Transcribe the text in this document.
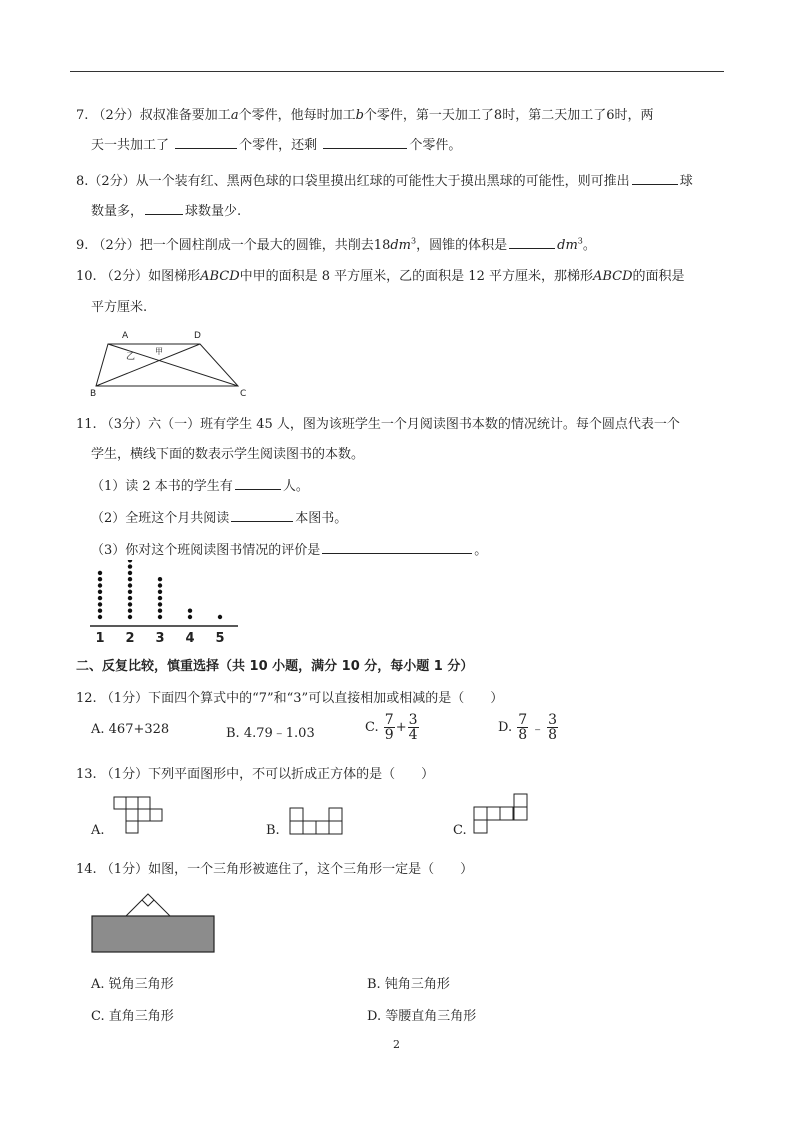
7. （2分）叔叔准备要加工a个零件，他每时加工b个零件，第一天加工了8时，第二天加工了6时，两
天一共加工了	个零件，还剩	个零件。
8.（2分）从一个装有红、黑两色球的口袋里摸出红球的可能性大于摸出黑球的可能性，则可推出	球
数量多，	球数量少.
9. （2分）把一个圆柱削成一个最大的圆锥，共削去$18dm^3$，圆锥的体积是	$dm^3$。
10. （2分）如图梯形ABCD中甲的面积是 8 平方厘米，乙的面积是 12 平方厘米，那梯形ABCD的面积是
平方厘米.
A	D
B	C
乙
甲
11. （3分）六（一）班有学生 45 人，图为该班学生一个月阅读图书本数的情况统计。每个圆点代表一个
学生，横线下面的数表示学生阅读图书的本数。
（1）读 2 本书的学生有	人。
（2）全班这个月共阅读	本图书。
（3）你对这个班阅读图书情况的评价是	。
1 2 3 4 5
二、反复比较，慎重选择（共 10 小题，满分 10 分，每小题 1 分）
12. （1分）下面四个算式中的“7”和“3”可以直接相加或相减的是（　　）
A. 467+328	B. 4.79﹣1.03	C. $\frac{7}{9} + \frac{3}{4}$	D. $\frac{7}{8}$ ﹣ $\frac{3}{8}$
13. （1分）下列平面图形中，不可以折成正方体的是（　　）
A.	B.	C.
14. （1分）如图，一个三角形被遮住了，这个三角形一定是（　　）
A. 锐角三角形	B. 钝角三角形
C. 直角三角形	D. 等腰直角三角形
2
